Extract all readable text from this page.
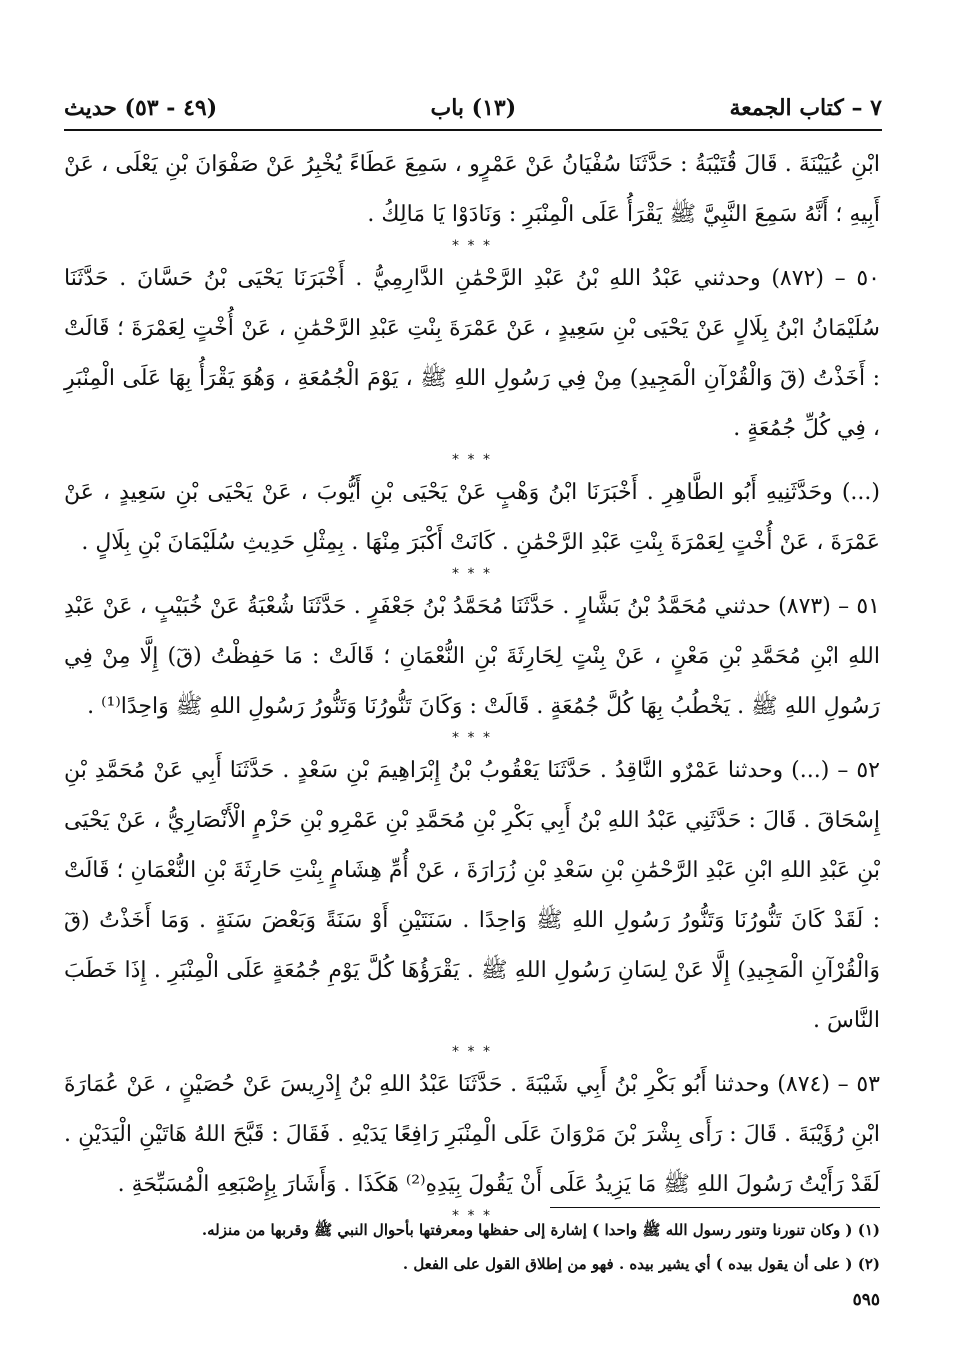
٧ – كتاب الجمعة
(١٣) باب
(٤٩ - ٥٣) حديث

ابْنِ عُيَيْنَةَ . قَالَ قُتَيْبَةُ : حَدَّثَنَا سُفْيَانُ عَنْ عَمْرٍو ، سَمِعَ عَطَاءً يُخْبِرُ عَنْ صَفْوَانَ بْنِ يَعْلَى ، عَنْ أَبِيهِ ؛ أَنَّهُ سَمِعَ النَّبِيَّ ﷺ يَقْرَأُ عَلَى الْمِنْبَرِ : وَنَادَوْا يَا مَالِكُ .

* * *

٥٠ – (٨٧٢) وحدثني عَبْدُ اللهِ بْنُ عَبْدِ الرَّحْمَٰنِ الدَّارِمِيُّ . أَخْبَرَنَا يَحْيَى بْنُ حَسَّانَ . حَدَّثَنَا سُلَيْمَانُ ابْنُ بِلَالٍ عَنْ يَحْيَى بْنِ سَعِيدٍ ، عَنْ عَمْرَةَ بِنْتِ عَبْدِ الرَّحْمَٰنِ ، عَنْ أُخْتٍ لِعَمْرَةَ ؛ قَالَتْ : أَخَذْتُ (قٓ وَالْقُرْآنِ الْمَجِيدِ) مِنْ فِي رَسُولِ اللهِ ﷺ ، يَوْمَ الْجُمُعَةِ ، وَهُوَ يَقْرَأُ بِهَا عَلَى الْمِنْبَرِ ، فِي كُلِّ جُمُعَةٍ .

* * *

(...) وحَدَّثَنِيهِ أَبُو الطَّاهِرِ . أَخْبَرَنَا ابْنُ وَهْبٍ عَنْ يَحْيَى بْنِ أَيُّوبَ ، عَنْ يَحْيَى بْنِ سَعِيدٍ ، عَنْ عَمْرَةَ ، عَنْ أُخْتٍ لِعَمْرَةَ بِنْتِ عَبْدِ الرَّحْمَٰنِ . كَانَتْ أَكْبَرَ مِنْهَا . بِمِثْلِ حَدِيثِ سُلَيْمَانَ بْنِ بِلَالٍ .

* * *

٥١ – (٨٧٣) حدثني مُحَمَّدُ بْنُ بَشَّارٍ . حَدَّثَنَا مُحَمَّدُ بْنُ جَعْفَرٍ . حَدَّثَنَا شُعْبَةُ عَنْ خُبَيْبٍ ، عَنْ عَبْدِ اللهِ ابْنِ مُحَمَّدِ بْنِ مَعْنٍ ، عَنْ بِنْتٍ لِحَارِثَةَ بْنِ النُّعْمَانِ ؛ قَالَتْ : مَا حَفِظْتُ (قٓ) إِلَّا مِنْ فِي رَسُولِ اللهِ ﷺ . يَخْطُبُ بِهَا كُلَّ جُمُعَةٍ . قَالَتْ : وَكَانَ تَنُّورُنَا وَتَنُّورُ رَسُولِ اللهِ ﷺ وَاحِدًا⁽¹⁾ .

* * *

٥٢ – (...) وحدثنا عَمْرٌو النَّاقِدُ . حَدَّثَنَا يَعْقُوبُ بْنُ إِبْرَاهِيمَ بْنِ سَعْدٍ . حَدَّثَنَا أَبِي عَنْ مُحَمَّدِ بْنِ إِسْحَاقَ . قَالَ : حَدَّثَنِي عَبْدُ اللهِ بْنُ أَبِي بَكْرِ بْنِ مُحَمَّدِ بْنِ عَمْرِو بْنِ حَزْمٍ الْأَنْصَارِيُّ ، عَنْ يَحْيَى بْنِ عَبْدِ اللهِ ابْنِ عَبْدِ الرَّحْمَٰنِ بْنِ سَعْدِ بْنِ زُرَارَةَ ، عَنْ أُمِّ هِشَامٍ بِنْتِ حَارِثَةَ بْنِ النُّعْمَانِ ؛ قَالَتْ : لَقَدْ كَانَ تَنُّورُنَا وَتَنُّورُ رَسُولِ اللهِ ﷺ وَاحِدًا . سَنَتَيْنِ أَوْ سَنَةً وَبَعْضَ سَنَةٍ . وَمَا أَخَذْتُ (قٓ وَالْقُرْآنِ الْمَجِيدِ) إِلَّا عَنْ لِسَانِ رَسُولِ اللهِ ﷺ . يَقْرَؤُهَا كُلَّ يَوْمِ جُمُعَةٍ عَلَى الْمِنْبَرِ . إِذَا خَطَبَ النَّاسَ .

* * *

٥٣ – (٨٧٤) وحدثنا أَبُو بَكْرِ بْنُ أَبِي شَيْبَةَ . حَدَّثَنَا عَبْدُ اللهِ بْنُ إِدْرِيسَ عَنْ حُصَيْنٍ ، عَنْ عُمَارَةَ ابْنِ رُؤَيْبَةَ . قَالَ : رَأَى بِشْرَ بْنَ مَرْوَانَ عَلَى الْمِنْبَرِ رَافِعًا يَدَيْهِ . فَقَالَ : قَبَّحَ اللهُ هَاتَيْنِ الْيَدَيْنِ . لَقَدْ رَأَيْتُ رَسُولَ اللهِ ﷺ مَا يَزِيدُ عَلَى أَنْ يَقُولَ بِيَدِهِ⁽²⁾ هَكَذَا . وَأَشَارَ بِإِصْبَعِهِ الْمُسَبِّحَةِ .

* * *

(١) ( وكان تنورنا وتنور رسول الله ﷺ واحدا ) إشارة إلى حفظها ومعرفتها بأحوال النبي ﷺ وقربها من منزله.

(٢) ( على أن يقول بيده ) أي يشير بيده . فهو من إطلاق القول على الفعل .

٥٩٥
